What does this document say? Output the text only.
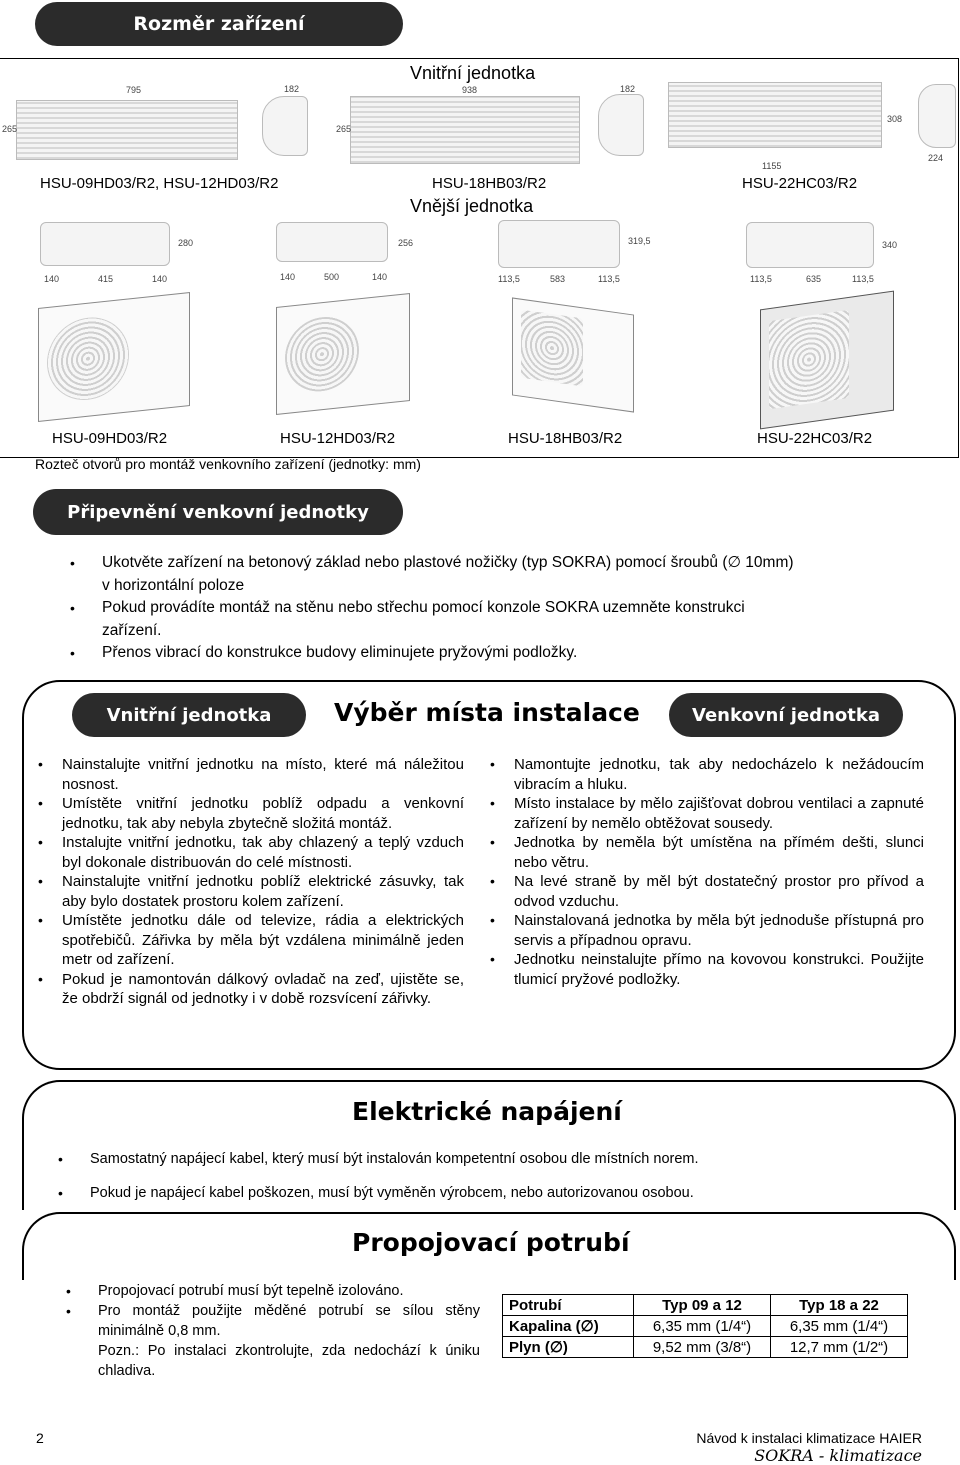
Rozměr zařízení
Vnitřní jednotka
795	182
265
938	182
265
1155
308
224
HSU-09HD03/R2, HSU-12HD03/R2	HSU-18HB03/R2	HSU-22HC03/R2
Vnější jednotka
140	415	140
280
140	500	140
256
113,5	583	113,5
319,5
113,5	635	113,5
340
HSU-09HD03/R2	HSU-12HD03/R2	HSU-18HB03/R2	HSU-22HC03/R2
Rozteč otvorů pro montáž venkovního zařízení (jednotky: mm)
Připevnění venkovní jednotky
• Ukotvěte zařízení na betonový základ nebo plastové nožičky (typ SOKRA) pomocí šroubů (∅ 10mm)
v horizontální poloze
• Pokud provádíte montáž na stěnu nebo střechu pomocí konzole SOKRA uzemněte konstrukci
zařízení.
• Přenos vibrací do konstrukce budovy eliminujete pryžovými podložky.
Vnitřní jednotka	Výběr místa instalace	Venkovní jednotka
• Nainstalujte vnitřní jednotku na místo, které má náležitou nosnost.
• Umístěte vnitřní jednotku poblíž odpadu a venkovní jednotku, tak aby nebyla zbytečně složitá montáž.
• Instalujte vnitřní jednotku, tak aby chlazený a teplý vzduch byl dokonale distribuován do celé místnosti.
• Nainstalujte vnitřní jednotku poblíž elektrické zásuvky, tak aby bylo dostatek prostoru kolem zařízení.
• Umístěte jednotku dále od televize, rádia a elektrických spotřebičů. Zářivka by měla být vzdálena minimálně jeden metr od zařízení.
• Pokud je namontován dálkový ovladač na zeď, ujistěte se, že obdrží signál od jednotky i v době rozsvícení zářivky.
• Namontujte jednotku, tak aby nedocházelo k nežádoucím vibracím a hluku.
• Místo instalace by mělo zajišťovat dobrou ventilaci a zapnuté zařízení by nemělo obtěžovat sousedy.
• Jednotka by neměla být umístěna na přímém dešti, slunci nebo větru.
• Na levé straně by měl být dostatečný prostor pro přívod a odvod vzduchu.
• Nainstalovaná jednotka by měla být jednoduše přístupná pro servis a případnou opravu.
• Jednotku neinstalujte přímo na kovovou konstrukci. Použijte tlumicí pryžové podložky.
Elektrické napájení
• Samostatný napájecí kabel, který musí být instalován kompetentní osobou dle místních norem.
• Pokud je napájecí kabel poškozen, musí být vyměněn výrobcem, nebo autorizovanou osobou.
Propojovací potrubí
• Propojovací potrubí musí být tepelně izolováno.
• Pro montáž použijte měděné potrubí se sílou stěny minimálně 0,8 mm.
Pozn.: Po instalaci zkontrolujte, zda nedochází k úniku chladiva.
Potrubí	Typ 09 a 12	Typ 18 a 22
Kapalina (∅)	6,35 mm (1/4“)	6,35 mm (1/4“)
Plyn (∅)	9,52 mm (3/8“)	12,7 mm (1/2“)
2	Návod k instalaci klimatizace HAIER
SOKRA - klimatizace
